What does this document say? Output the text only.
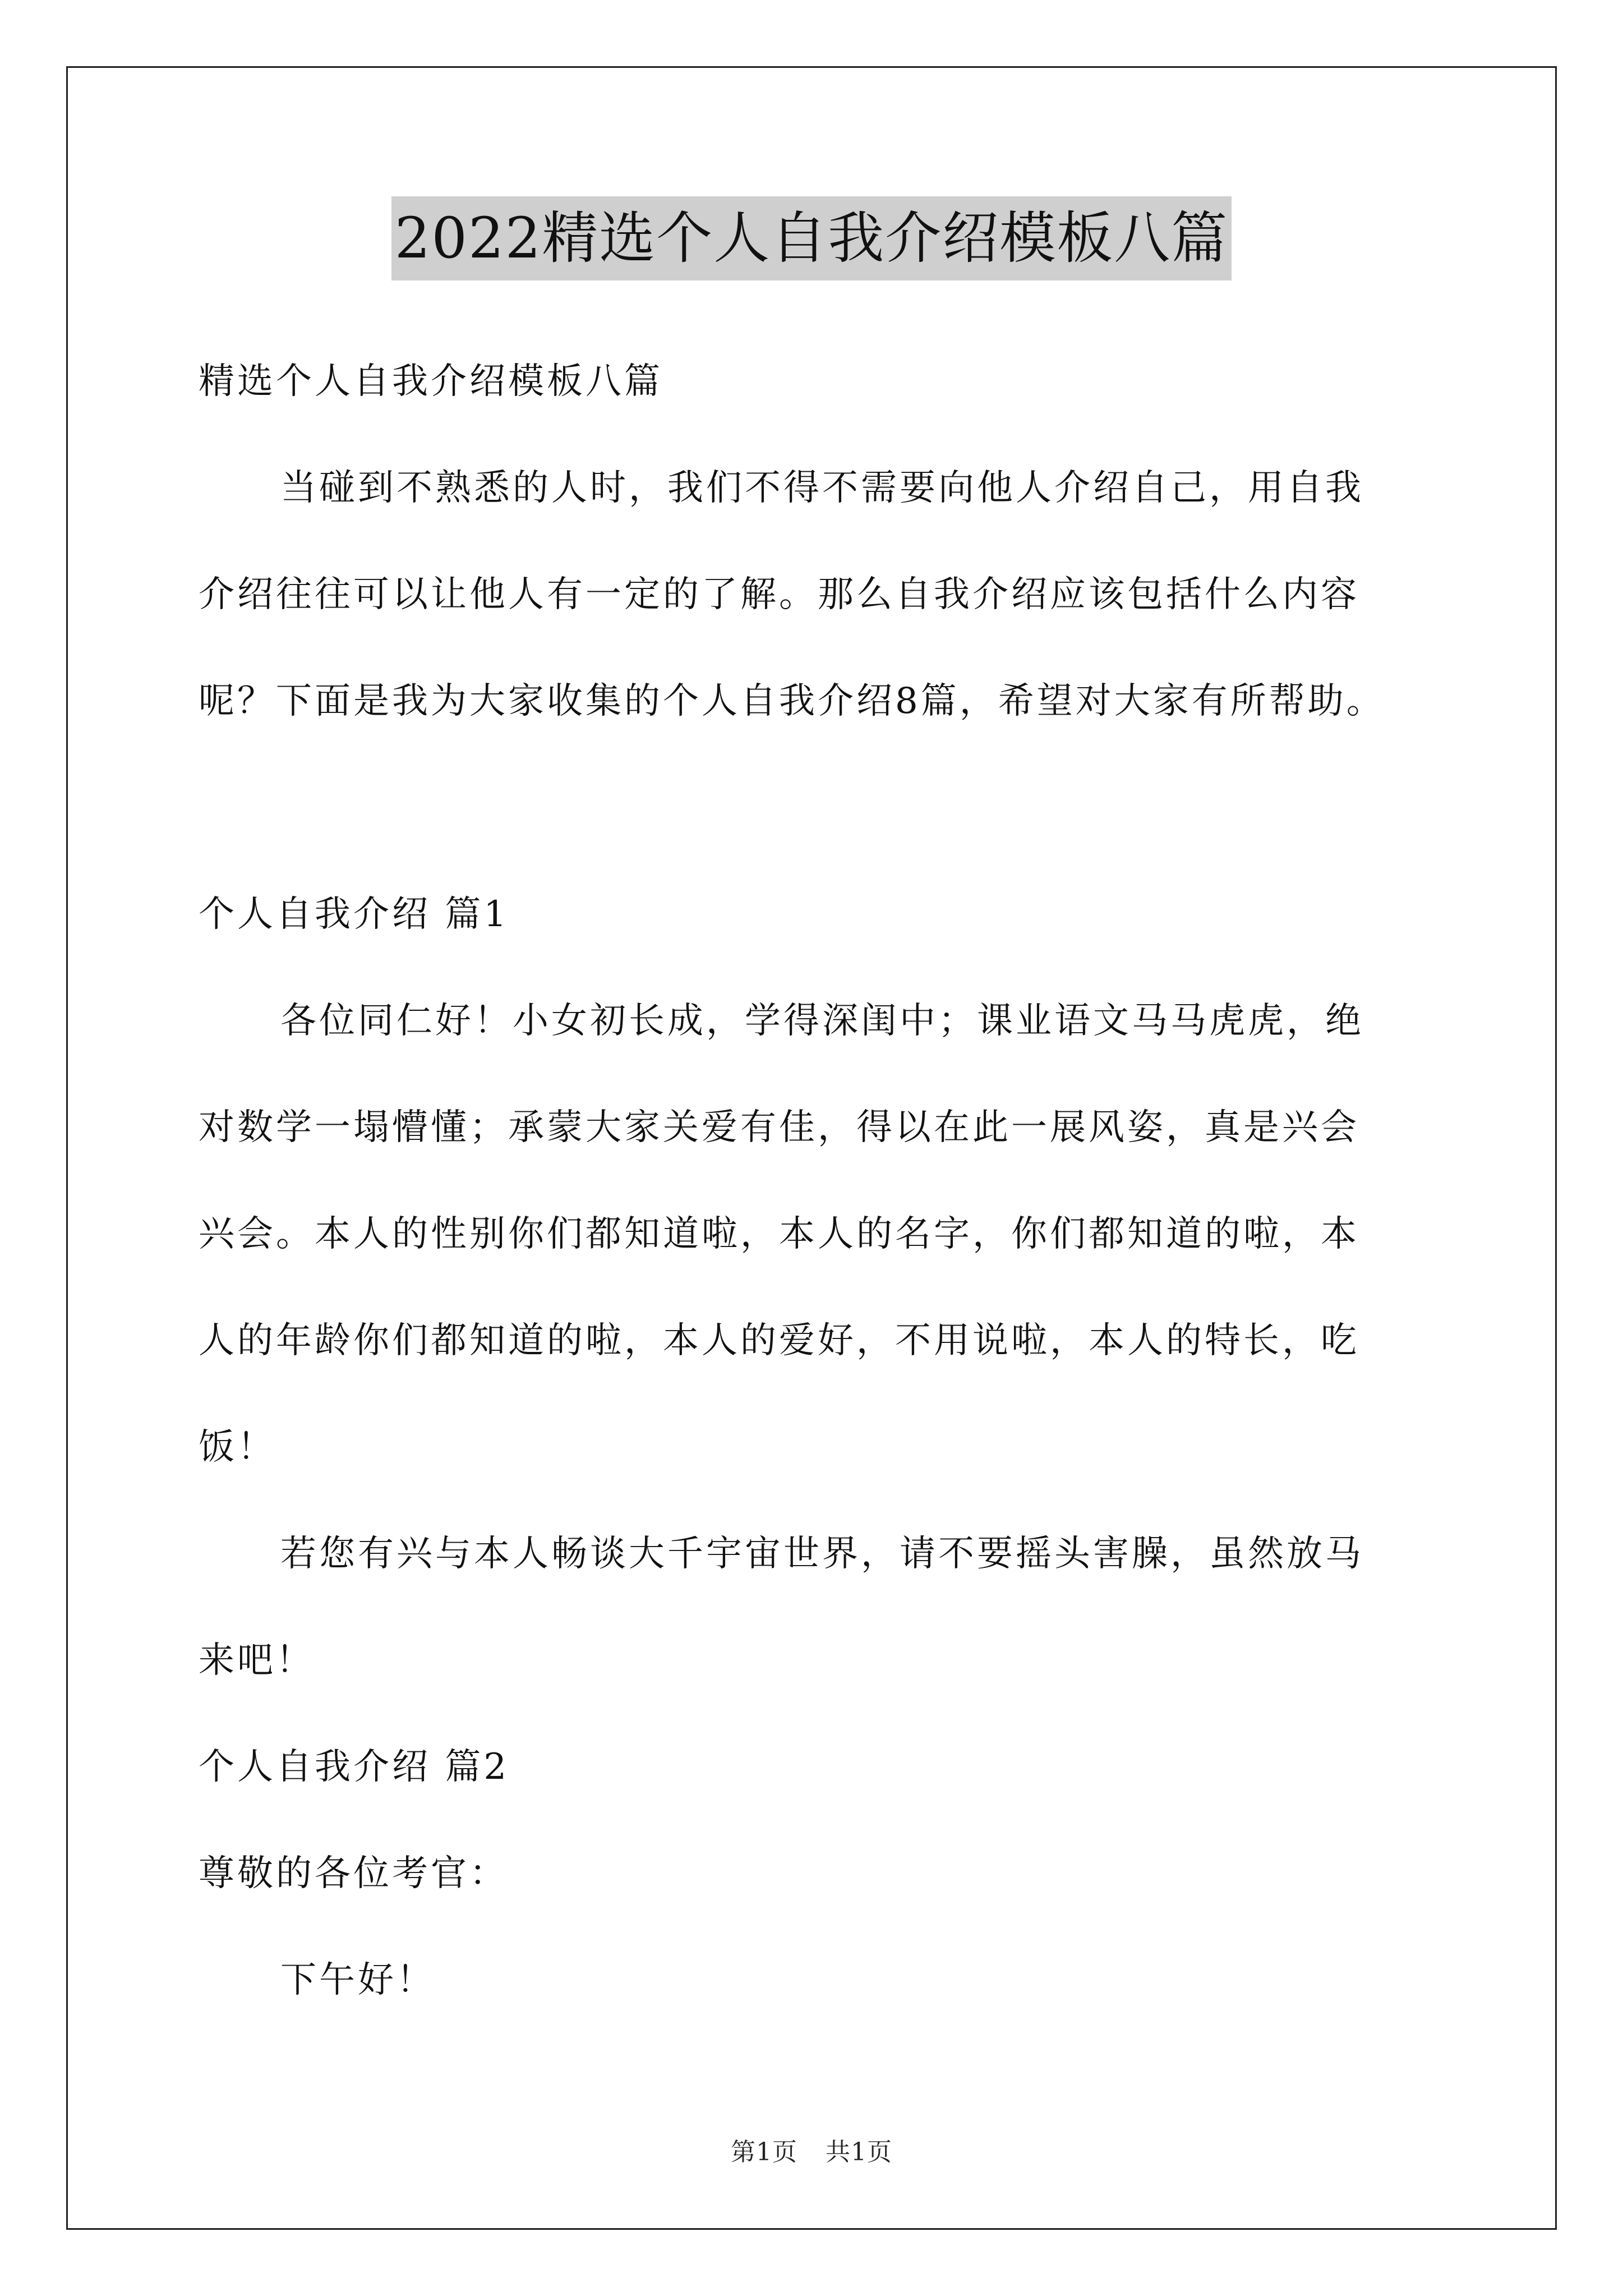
2022精选个人自我介绍模板八篇
精选个人自我介绍模板八篇
当碰到不熟悉的人时，我们不得不需要向他人介绍自己，用自我
介绍往往可以让他人有一定的了解。那么自我介绍应该包括什么内容
呢？下面是我为大家收集的个人自我介绍8篇，希望对大家有所帮助。
个人自我介绍 篇1
各位同仁好！小女初长成，学得深闺中；课业语文马马虎虎，绝
对数学一塌懵懂；承蒙大家关爱有佳，得以在此一展风姿，真是兴会
兴会。本人的性别你们都知道啦，本人的名字，你们都知道的啦，本
人的年龄你们都知道的啦，本人的爱好，不用说啦，本人的特长，吃
饭！
若您有兴与本人畅谈大千宇宙世界，请不要摇头害臊，虽然放马
来吧！
个人自我介绍 篇2
尊敬的各位考官：
下午好！
第1页 共1页
